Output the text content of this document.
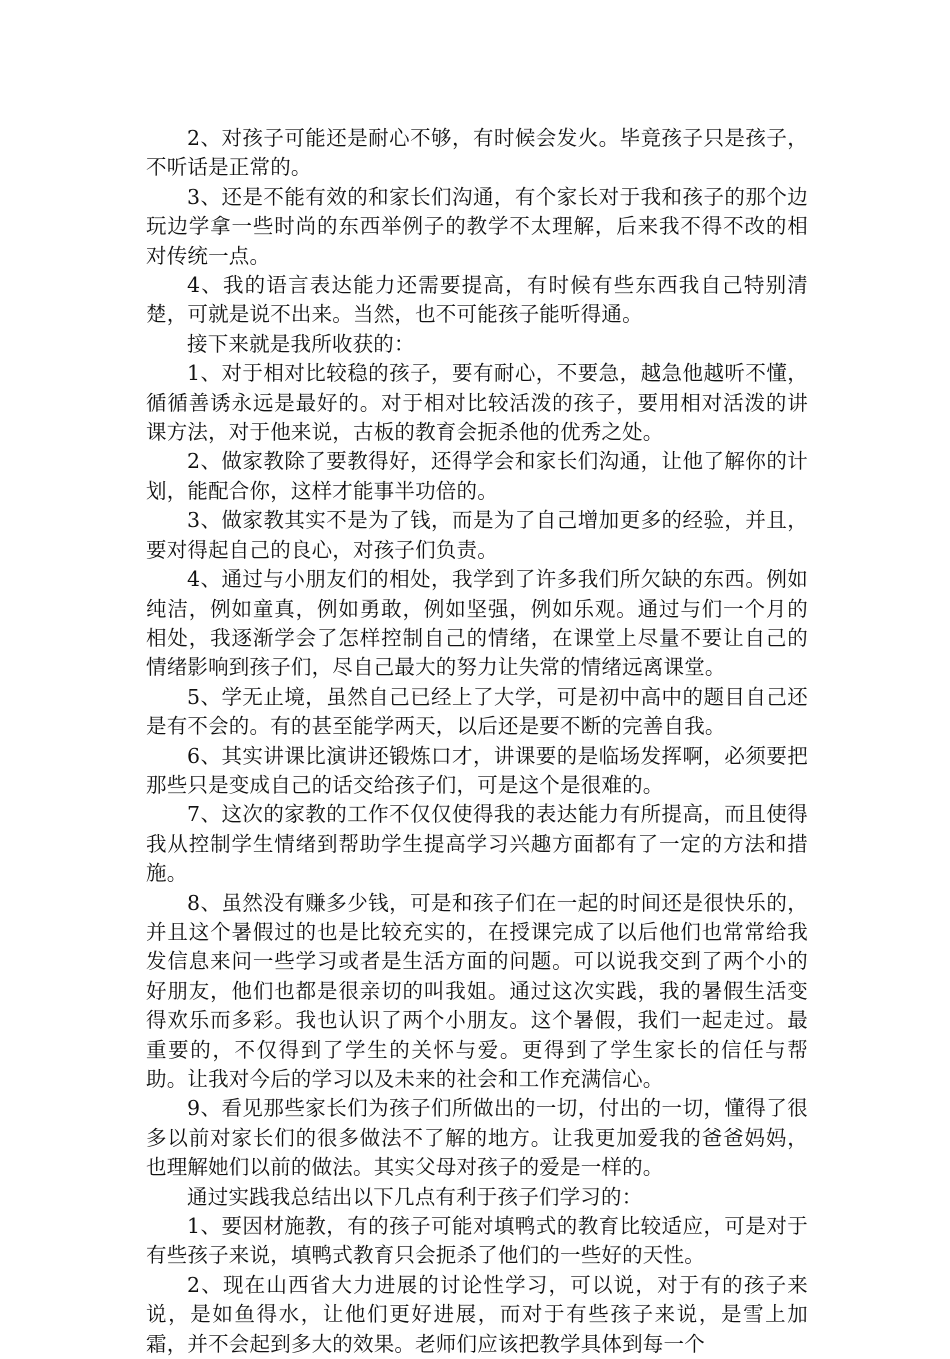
2、对孩子可能还是耐心不够，有时候会发火。毕竟孩子只是孩子，不听话是正常的。

3、还是不能有效的和家长们沟通，有个家长对于我和孩子的那个边玩边学拿一些时尚的东西举例子的教学不太理解，后来我不得不改的相对传统一点。

4、我的语言表达能力还需要提高，有时候有些东西我自己特别清楚，可就是说不出来。当然，也不可能孩子能听得通。

接下来就是我所收获的：

1、对于相对比较稳的孩子，要有耐心，不要急，越急他越听不懂，循循善诱永远是最好的。对于相对比较活泼的孩子，要用相对活泼的讲课方法，对于他来说，古板的教育会扼杀他的优秀之处。

2、做家教除了要教得好，还得学会和家长们沟通，让他了解你的计划，能配合你，这样才能事半功倍的。

3、做家教其实不是为了钱，而是为了自己增加更多的经验，并且，要对得起自己的良心，对孩子们负责。

4、通过与小朋友们的相处，我学到了许多我们所欠缺的东西。例如纯洁，例如童真，例如勇敢，例如坚强，例如乐观。通过与们一个月的相处，我逐渐学会了怎样控制自己的情绪，在课堂上尽量不要让自己的情绪影响到孩子们，尽自己最大的努力让失常的情绪远离课堂。

5、学无止境，虽然自己已经上了大学，可是初中高中的题目自己还是有不会的。有的甚至能学两天，以后还是要不断的完善自我。

6、其实讲课比演讲还锻炼口才，讲课要的是临场发挥啊，必须要把那些只是变成自己的话交给孩子们，可是这个是很难的。

7、这次的家教的工作不仅仅使得我的表达能力有所提高，而且使得我从控制学生情绪到帮助学生提高学习兴趣方面都有了一定的方法和措施。

8、虽然没有赚多少钱，可是和孩子们在一起的时间还是很快乐的，并且这个暑假过的也是比较充实的，在授课完成了以后他们也常常给我发信息来问一些学习或者是生活方面的问题。可以说我交到了两个小的好朋友，他们也都是很亲切的叫我姐。通过这次实践，我的暑假生活变得欢乐而多彩。我也认识了两个小朋友。这个暑假，我们一起走过。最重要的，不仅得到了学生的关怀与爱。更得到了学生家长的信任与帮助。让我对今后的学习以及未来的社会和工作充满信心。

9、看见那些家长们为孩子们所做出的一切，付出的一切，懂得了很多以前对家长们的很多做法不了解的地方。让我更加爱我的爸爸妈妈，也理解她们以前的做法。其实父母对孩子的爱是一样的。

通过实践我总结出以下几点有利于孩子们学习的：

1、要因材施教，有的孩子可能对填鸭式的教育比较适应，可是对于有些孩子来说，填鸭式教育只会扼杀了他们的一些好的天性。

2、现在山西省大力进展的讨论性学习，可以说，对于有的孩子来说，是如鱼得水，让他们更好进展，而对于有些孩子来说，是雪上加霜，并不会起到多大的效果。老师们应该把教学具体到每一个
